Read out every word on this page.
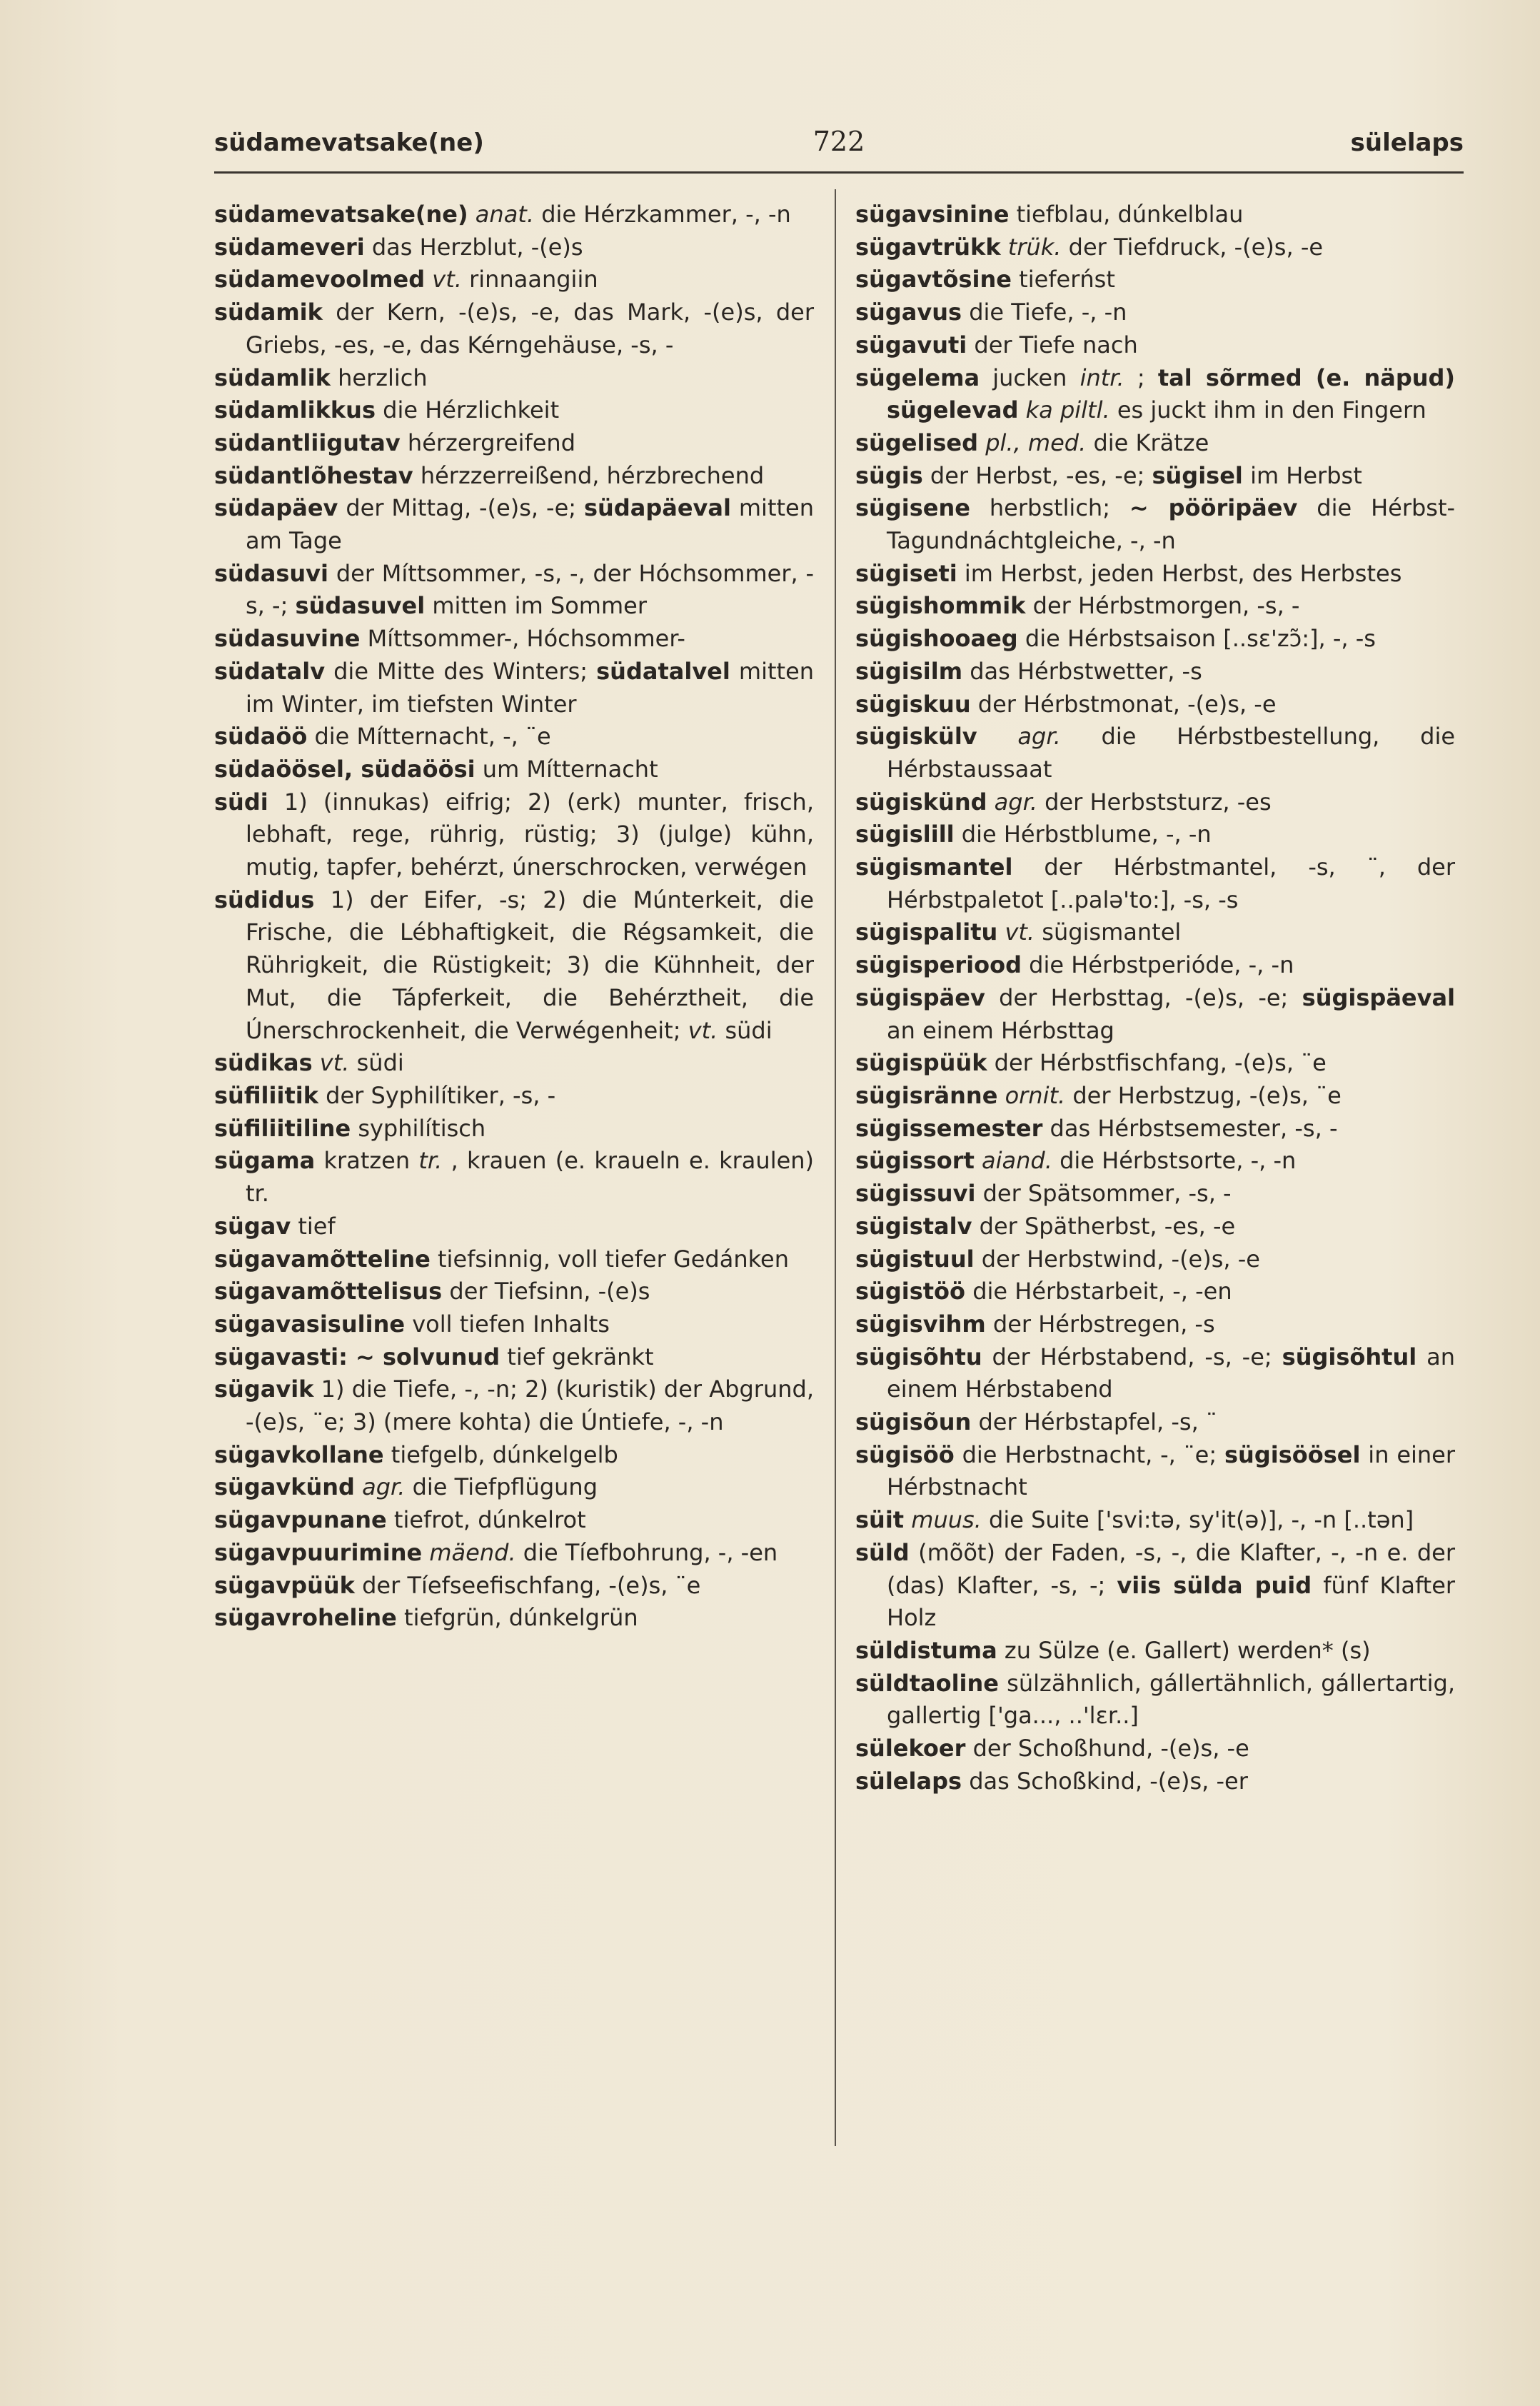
südamevatsake(ne)	722	sülelaps

südamevatsake(ne) anat. die Hérzkammer, -, -n

südameveri das Herzblut, -(e)s

südamevoolmed vt. rinnaangiin

südamik der Kern, -(e)s, -e, das Mark, -(e)s, der Griebs, -es, -e, das Kérngehäuse, -s, -

südamlik herzlich

südamlikkus die Hérzlichkeit

südantliigutav hérzergreifend

südantlõhestav hérzzerreißend, hérzbrechend

südapäev der Mittag, -(e)s, -e; südapäeval mitten am Tage

südasuvi der Míttsommer, -s, -, der Hóchsommer, -s, -; südasuvel mitten im Sommer

südasuvine Míttsommer-, Hóchsommer-

südatalv die Mitte des Winters; südatalvel mitten im Winter, im tiefsten Winter

südaöö die Mítternacht, -, ¨e

südaöösel, südaöösi um Mítternacht

südi 1) (innukas) eifrig; 2) (erk) munter, frisch, lebhaft, rege, rührig, rüstig; 3) (julge) kühn, mutig, tapfer, behérzt, únerschrocken, verwégen

südidus 1) der Eifer, -s; 2) die Múnterkeit, die Frische, die Lébhaftigkeit, die Régsamkeit, die Rührigkeit, die Rüstigkeit; 3) die Kühnheit, der Mut, die Tápferkeit, die Behérztheit, die Únerschrockenheit, die Verwégenheit; vt. südi

südikas vt. südi

süfiliitik der Syphilítiker, -s, -

süfiliitiline syphilítisch

sügama kratzen tr. , krauen (e. kraueln e. kraulen) tr.

sügav tief

sügavamõtteline tiefsinnig, voll tiefer Gedánken

sügavamõttelisus der Tiefsinn, -(e)s

sügavasisuline voll tiefen Inhalts

sügavasti: ~ solvunud tief gekränkt

sügavik 1) die Tiefe, -, -n; 2) (kuristik) der Abgrund, -(e)s, ¨e; 3) (mere kohta) die Úntiefe, -, -n

sügavkollane tiefgelb, dúnkelgelb

sügavkünd agr. die Tiefpflügung

sügavpunane tiefrot, dúnkelrot

sügavpuurimine mäend. die Tíefbohrung, -, -en

sügavpüük der Tíefseefischfang, -(e)s, ¨e

sügavroheline tiefgrün, dúnkelgrün

sügavsinine tiefblau, dúnkelblau

sügavtrükk trük. der Tiefdruck, -(e)s, -e

sügavtõsine tieferńst

sügavus die Tiefe, -, -n

sügavuti der Tiefe nach

sügelema jucken intr. ; tal sõrmed (e. näpud) sügelevad ka piltl. es juckt ihm in den Fingern

sügelised pl., med. die Krätze

sügis der Herbst, -es, -e; sügisel im Herbst

sügisene herbstlich; ~ pööripäev die Hérbst-Tagundnáchtgleiche, -, -n

sügiseti im Herbst, jeden Herbst, des Herbstes

sügishommik der Hérbstmorgen, -s, -

sügishooaeg die Hérbstsaison [..sɛ'zɔ̃:], -, -s

sügisilm das Hérbstwetter, -s

sügiskuu der Hérbstmonat, -(e)s, -e

sügiskülv agr. die Hérbstbestellung, die Hérbstaussaat

sügiskünd agr. der Herbststurz, -es

sügislill die Hérbstblume, -, -n

sügismantel der Hérbstmantel, -s, ¨, der Hérbstpaletot [..palə'to:], -s, -s

sügispalitu vt. sügismantel

sügisperiood die Hérbstperióde, -, -n

sügispäev der Herbsttag, -(e)s, -e; sügispäeval an einem Hérbsttag

sügispüük der Hérbstfischfang, -(e)s, ¨e

sügisränne ornit. der Herbstzug, -(e)s, ¨e

sügissemester das Hérbstsemester, -s, -

sügissort aiand. die Hérbstsorte, -, -n

sügissuvi der Spätsommer, -s, -

sügistalv der Spätherbst, -es, -e

sügistuul der Herbstwind, -(e)s, -e

sügistöö die Hérbstarbeit, -, -en

sügisvihm der Hérbstregen, -s

sügisõhtu der Hérbstabend, -s, -e; sügisõhtul an einem Hérbstabend

sügisõun der Hérbstapfel, -s, ¨

sügisöö die Herbstnacht, -, ¨e; sügisöösel in einer Hérbstnacht

süit muus. die Suite ['svi:tə, sy'it(ə)], -, -n [..tən]

süld (mõõt) der Faden, -s, -, die Klafter, -, -n e. der (das) Klafter, -s, -; viis sülda puid fünf Klafter Holz

süldistuma zu Sülze (e. Gallert) werden* (s)

süldtaoline sülzähnlich, gállertähnlich, gállertartig, gallertig ['ga..., ..'lɛr..]

sülekoer der Schoßhund, -(e)s, -e

sülelaps das Schoßkind, -(e)s, -er
